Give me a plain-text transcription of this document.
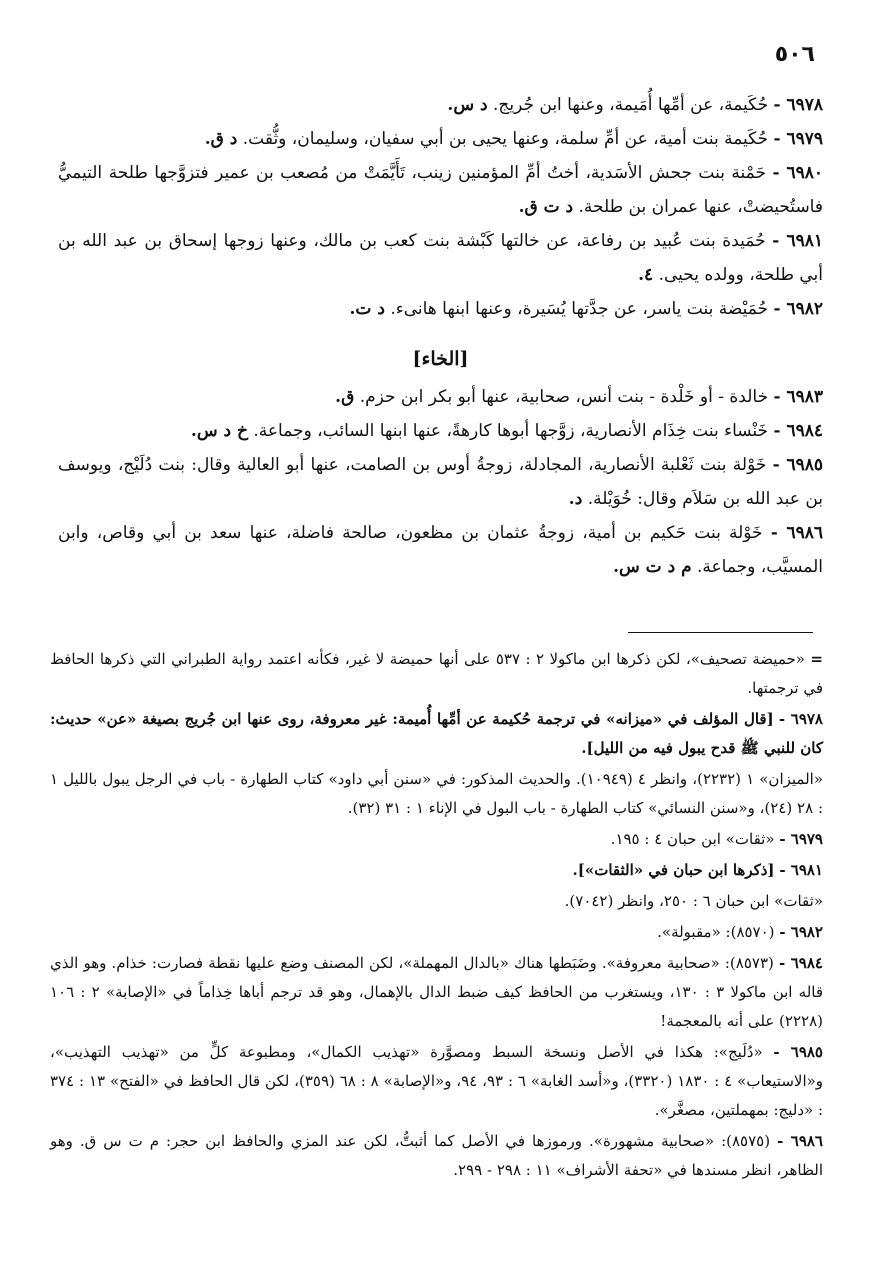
٥٠٦
٦٩٧٨ - حُكَيمة، عن أمِّها أُمَيمة، وعنها ابن جُريج. د س.
٦٩٧٩ - حُكَيمة بنت أمية، عن أمِّ سلمة، وعنها يحيى بن أبي سفيان، وسليمان، وثُّقت. د ق.
٦٩٨٠ - حَمْنة بنت جحش الأسَدية، أختُ أمِّ المؤمنين زينب، تَأَيَّمَتْ من مُصعب بن عمير فتزوَّجها طلحة التيميُّ فاستُحيضتْ، عنها عمران بن طلحة. د ت ق.
٦٩٨١ - حُمَيدة بنت عُبيد بن رفاعة، عن خالتها كَبْشة بنت كعب بن مالك، وعنها زوجها إسحاق بن عبد الله بن أبي طلحة، وولده يحيى. ٤.
٦٩٨٢ - حُمَيْضة بنت ياسر، عن جدَّتها يُسَيرة، وعنها ابنها هانىء. د ت.
[الخاء]
٦٩٨٣ - خالدة - أو خَلْدة - بنت أنس، صحابية، عنها أبو بكر ابن حزم. ق.
٦٩٨٤ - خَنْساء بنت خِذَام الأنصارية، زوَّجها أبوها كارهةً، عنها ابنها السائب، وجماعة. خ د س.
٦٩٨٥ - خَوْلة بنت ثَعْلبة الأنصارية، المجادلة، زوجةُ أوس بن الصامت، عنها أبو العالية وقال: بنت دُلَيْج، ويوسف بن عبد الله بن سَلاَم وقال: خُوَيْلة. د.
٦٩٨٦ - خَوْلة بنت حَكيم بن أمية، زوجةُ عثمان بن مظعون، صالحة فاضلة، عنها سعد بن أبي وقاص، وابن المسيَّب، وجماعة. م د ت س.
= «حميضة تصحيف»، لكن ذكرها ابن ماكولا ٢ : ٥٣٧ على أنها حميضة لا غير، فكأنه اعتمد رواية الطبراني التي ذكرها الحافظ في ترجمتها.
٦٩٧٨ - [قال المؤلف في «ميزانه» في ترجمة حُكيمة عن أمِّها أُميمة: غير معروفة، روى عنها ابن جُريج بصيغة «عن» حديث: كان للنبي ﷺ قدح يبول فيه من الليل].
«الميزان» ١ (٢٢٣٢)، وانظر ٤ (١٠٩٤٩). والحديث المذكور: في «سنن أبي داود» كتاب الطهارة - باب في الرجل يبول بالليل ١ : ٢٨ (٢٤)، و«سنن النسائي» كتاب الطهارة - باب البول في الإناء ١ : ٣١ (٣٢).
٦٩٧٩ - «ثقات» ابن حبان ٤ : ١٩٥.
٦٩٨١ - [ذكرها ابن حبان في «الثقات»].
«ثقات» ابن حبان ٦ : ٢٥٠، وانظر (٧٠٤٢).
٦٩٨٢ - (٨٥٧٠): «مقبولة».
٦٩٨٤ - (٨٥٧٣): «صحابية معروفة». وضَبَطها هناك «بالدال المهملة»، لكن المصنف وضع عليها نقطة فصارت: خذام. وهو الذي قاله ابن ماكولا ٣ : ١٣٠، ويستغرب من الحافظ كيف ضبط الدال بالإهمال، وهو قد ترجم أباها خِذاماً في «الإصابة» ٢ : ١٠٦ (٢٢٢٨) على أنه بالمعجمة!
٦٩٨٥ - «دُلَيج»: هكذا في الأصل ونسخة السبط ومصوَّرة «تهذيب الكمال»، ومطبوعة كلٍّ من «تهذيب التهذيب»، و«الاستيعاب» ٤ : ١٨٣٠ (٣٣٢٠)، و«أسد الغابة» ٦ : ٩٣، ٩٤، و«الإصابة» ٨ : ٦٨ (٣٥٩)، لكن قال الحافظ في «الفتح» ١٣ : ٣٧٤ : «دليج: بمهملتين، مصغَّر».
٦٩٨٦ - (٨٥٧٥): «صحابية مشهورة». ورموزها في الأصل كما أثبتُّ، لكن عند المزي والحافظ ابن حجر: م ت س ق. وهو الظاهر، انظر مسندها في «تحفة الأشراف» ١١ : ٢٩٨ - ٢٩٩.
